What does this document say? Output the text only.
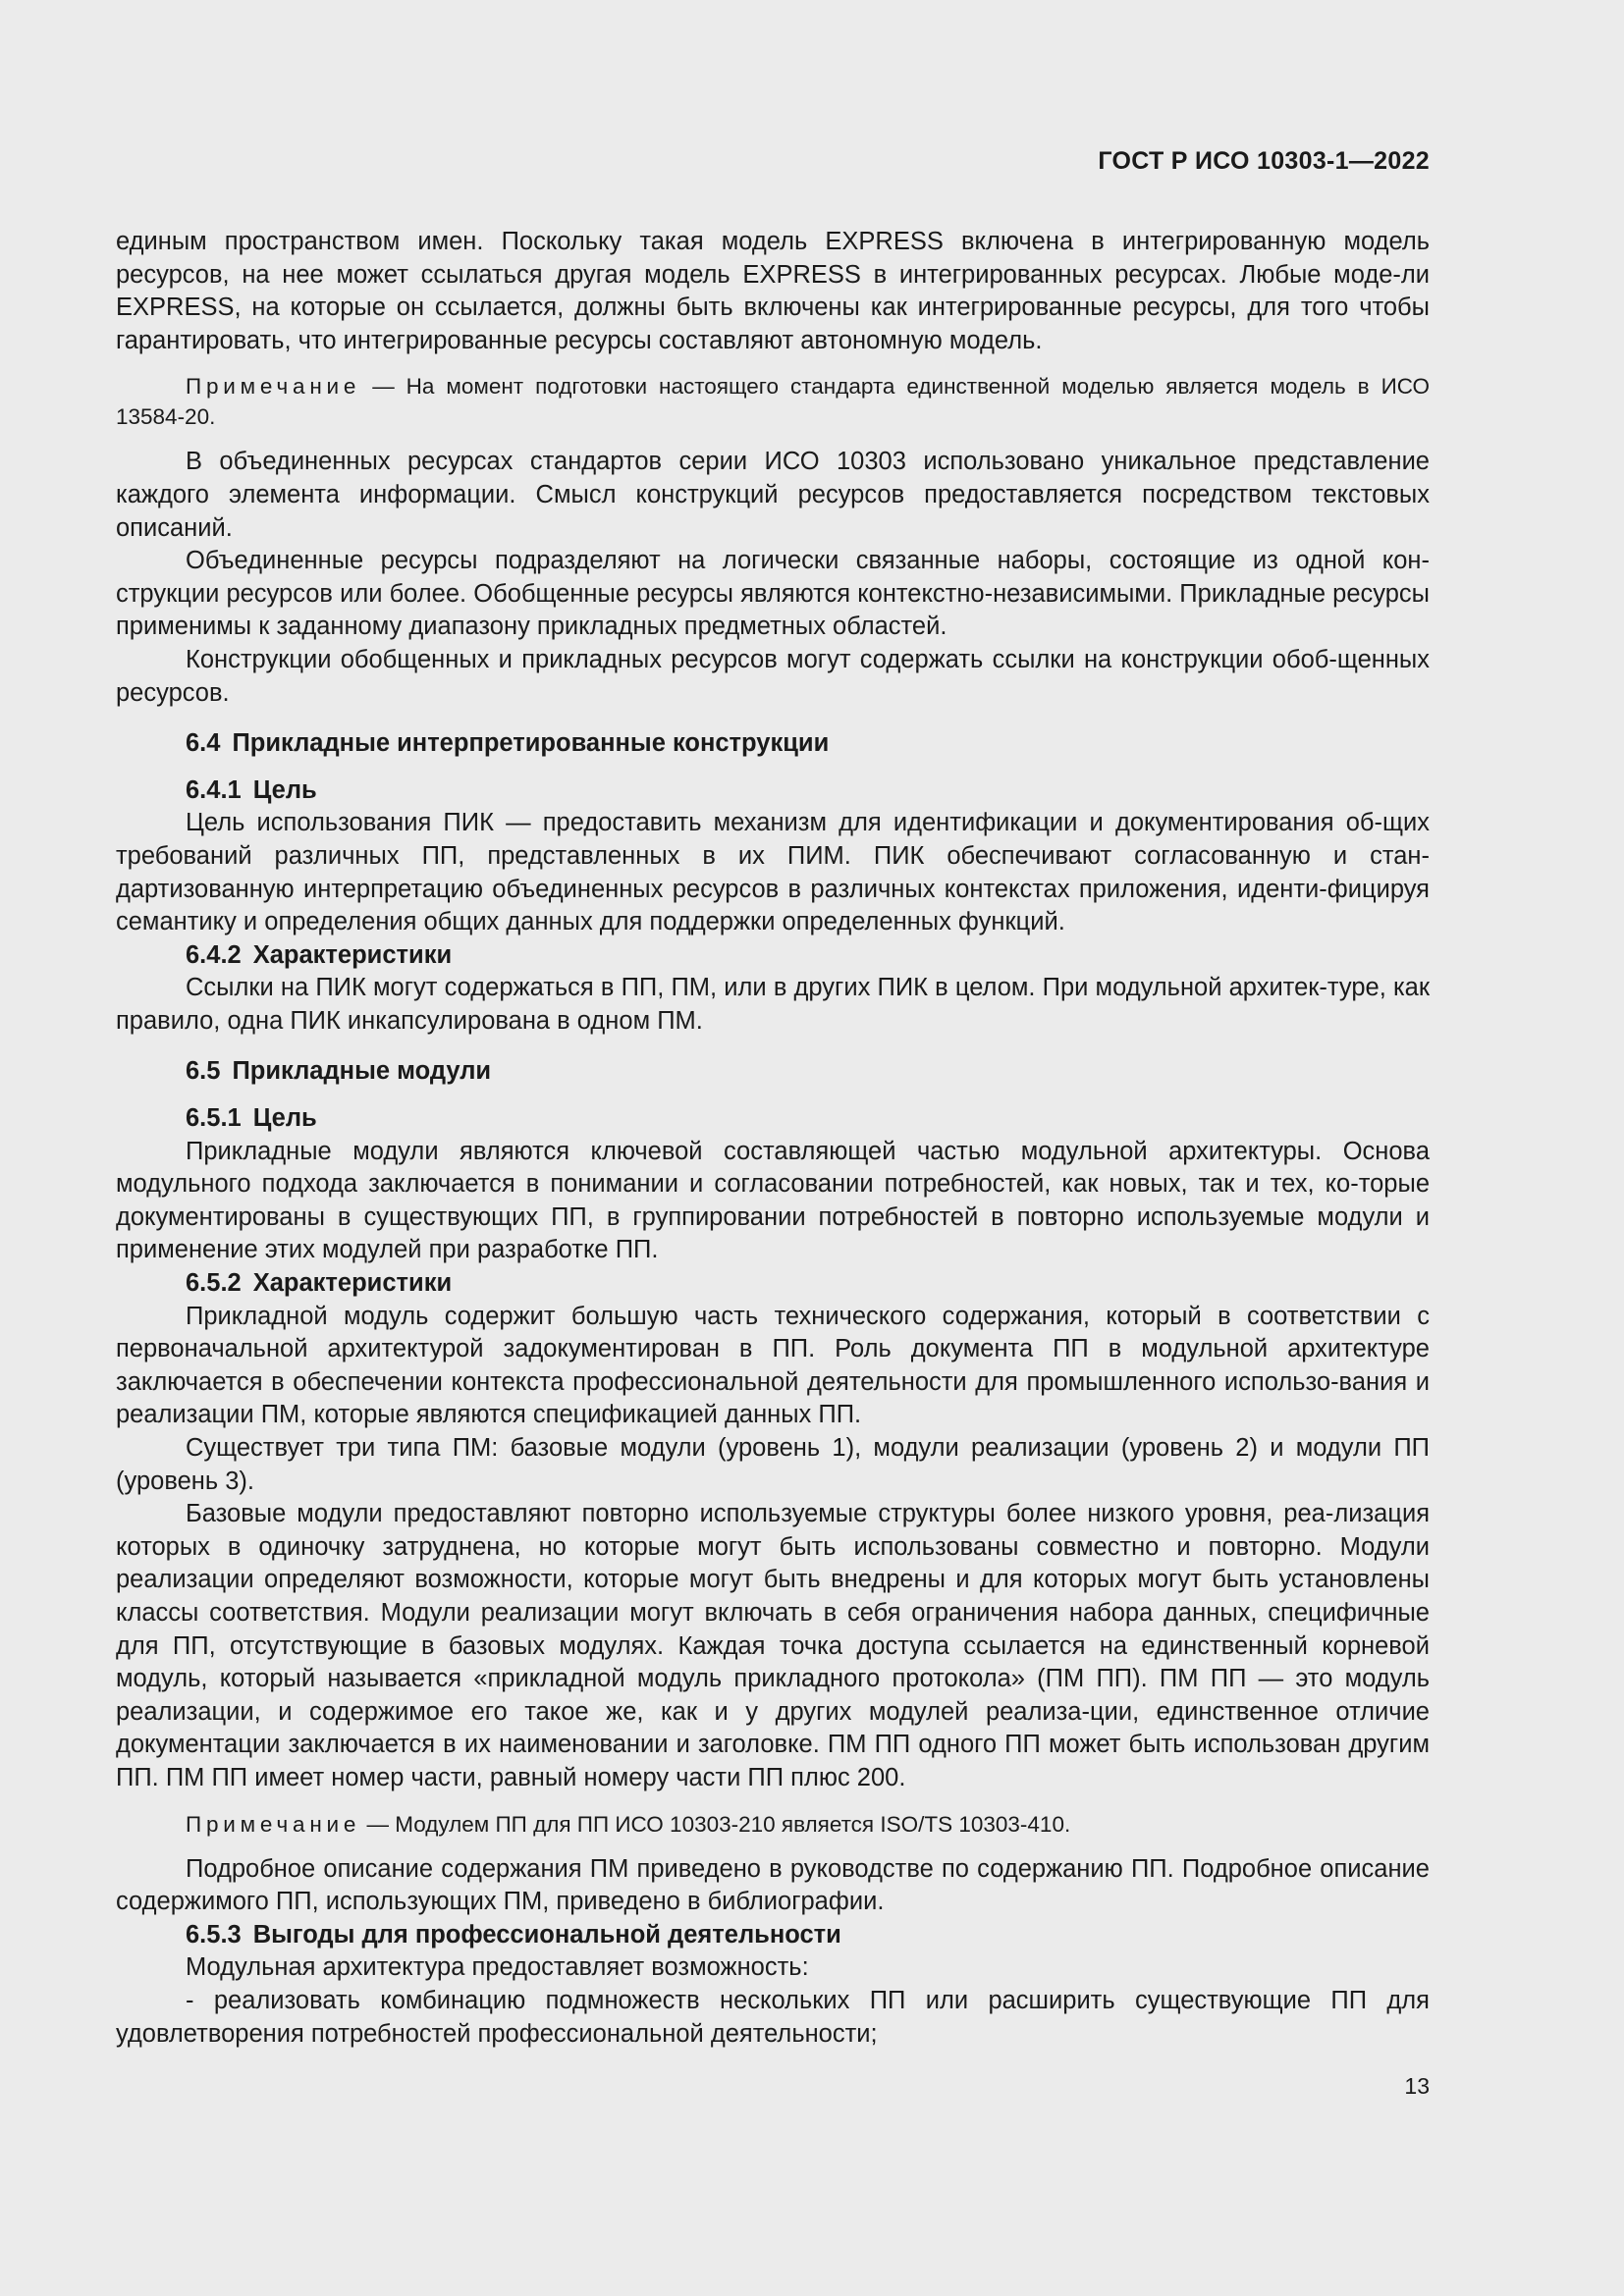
ГОСТ Р ИСО 10303-1—2022

единым пространством имен. Поскольку такая модель EXPRESS включена в интегрированную модель ресурсов, на нее может ссылаться другая модель EXPRESS в интегрированных ресурсах. Любые моде-ли EXPRESS, на которые он ссылается, должны быть включены как интегрированные ресурсы, для того чтобы гарантировать, что интегрированные ресурсы составляют автономную модель.

Примечание — На момент подготовки настоящего стандарта единственной моделью является модель в ИСО 13584-20.

В объединенных ресурсах стандартов серии ИСО 10303 использовано уникальное представление каждого элемента информации. Смысл конструкций ресурсов предоставляется посредством текстовых описаний.

Объединенные ресурсы подразделяют на логически связанные наборы, состоящие из одной кон-струкции ресурсов или более. Обобщенные ресурсы являются контекстно-независимыми. Прикладные ресурсы применимы к заданному диапазону прикладных предметных областей.

Конструкции обобщенных и прикладных ресурсов могут содержать ссылки на конструкции обоб-щенных ресурсов.

6.4 Прикладные интерпретированные конструкции
6.4.1 Цель

Цель использования ПИК — предоставить механизм для идентификации и документирования об-щих требований различных ПП, представленных в их ПИМ. ПИК обеспечивают согласованную и стан-дартизованную интерпретацию объединенных ресурсов в различных контекстах приложения, иденти-фицируя семантику и определения общих данных для поддержки определенных функций.

6.4.2 Характеристики

Ссылки на ПИК могут содержаться в ПП, ПМ, или в других ПИК в целом. При модульной архитек-туре, как правило, одна ПИК инкапсулирована в одном ПМ.

6.5 Прикладные модули
6.5.1 Цель

Прикладные модули являются ключевой составляющей частью модульной архитектуры. Основа модульного подхода заключается в понимании и согласовании потребностей, как новых, так и тех, ко-торые документированы в существующих ПП, в группировании потребностей в повторно используемые модули и применение этих модулей при разработке ПП.

6.5.2 Характеристики

Прикладной модуль содержит большую часть технического содержания, который в соответствии с первоначальной архитектурой задокументирован в ПП. Роль документа ПП в модульной архитектуре заключается в обеспечении контекста профессиональной деятельности для промышленного использо-вания и реализации ПМ, которые являются спецификацией данных ПП.

Существует три типа ПМ: базовые модули (уровень 1), модули реализации (уровень 2) и модули ПП (уровень 3).

Базовые модули предоставляют повторно используемые структуры более низкого уровня, реа-лизация которых в одиночку затруднена, но которые могут быть использованы совместно и повторно. Модули реализации определяют возможности, которые могут быть внедрены и для которых могут быть установлены классы соответствия. Модули реализации могут включать в себя ограничения набора данных, специфичные для ПП, отсутствующие в базовых модулях. Каждая точка доступа ссылается на единственный корневой модуль, который называется «прикладной модуль прикладного протокола» (ПМ ПП). ПМ ПП — это модуль реализации, и содержимое его такое же, как и у других модулей реализа-ции, единственное отличие документации заключается в их наименовании и заголовке. ПМ ПП одного ПП может быть использован другим ПП. ПМ ПП имеет номер части, равный номеру части ПП плюс 200.

Примечание — Модулем ПП для ПП ИСО 10303-210 является ISO/TS 10303-410.

Подробное описание содержания ПМ приведено в руководстве по содержанию ПП. Подробное описание содержимого ПП, использующих ПМ, приведено в библиографии.

6.5.3 Выгоды для профессиональной деятельности

Модульная архитектура предоставляет возможность:

- реализовать комбинацию подмножеств нескольких ПП или расширить существующие ПП для удовлетворения потребностей профессиональной деятельности;

13
